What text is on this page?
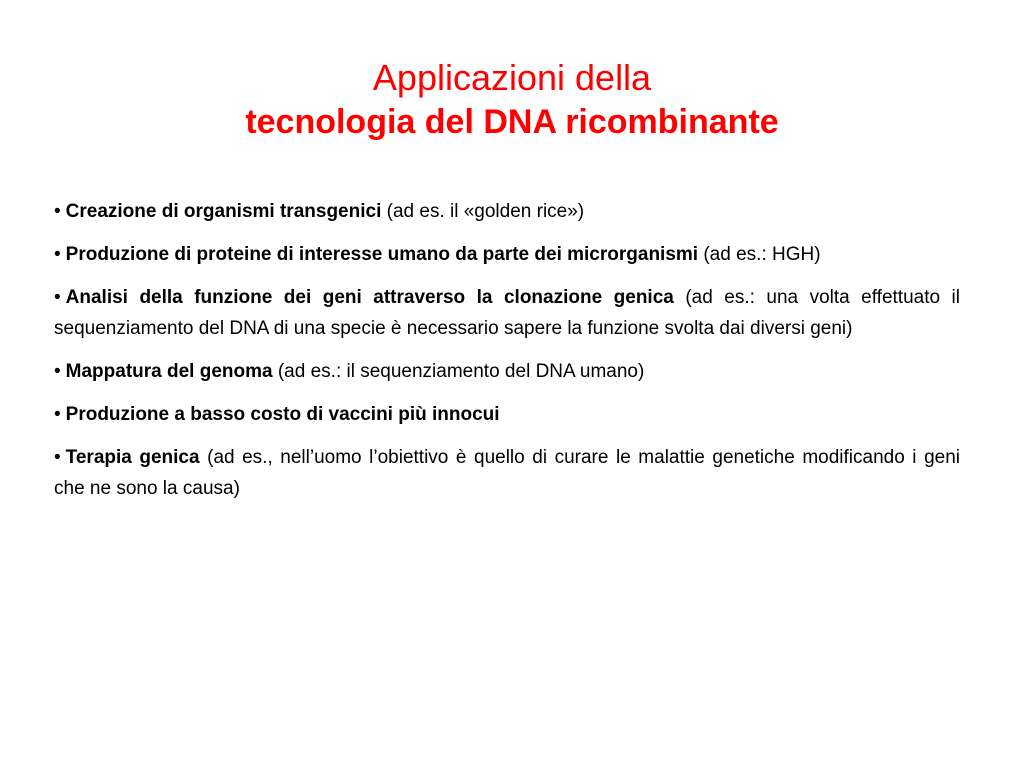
Applicazioni della
tecnologia del DNA ricombinante

• Creazione di organismi transgenici (ad es. il «golden rice»)

• Produzione di proteine di interesse umano da parte dei microrganismi (ad es.: HGH)

• Analisi della funzione dei geni attraverso la clonazione genica (ad es.: una volta effettuato il sequenziamento del DNA di una specie è necessario sapere la funzione svolta dai diversi geni)

• Mappatura del genoma (ad es.: il sequenziamento del DNA umano)

• Produzione a basso costo di vaccini più innocui

• Terapia genica (ad es., nell’uomo l’obiettivo è quello di curare le malattie genetiche modificando i geni che ne sono la causa)
